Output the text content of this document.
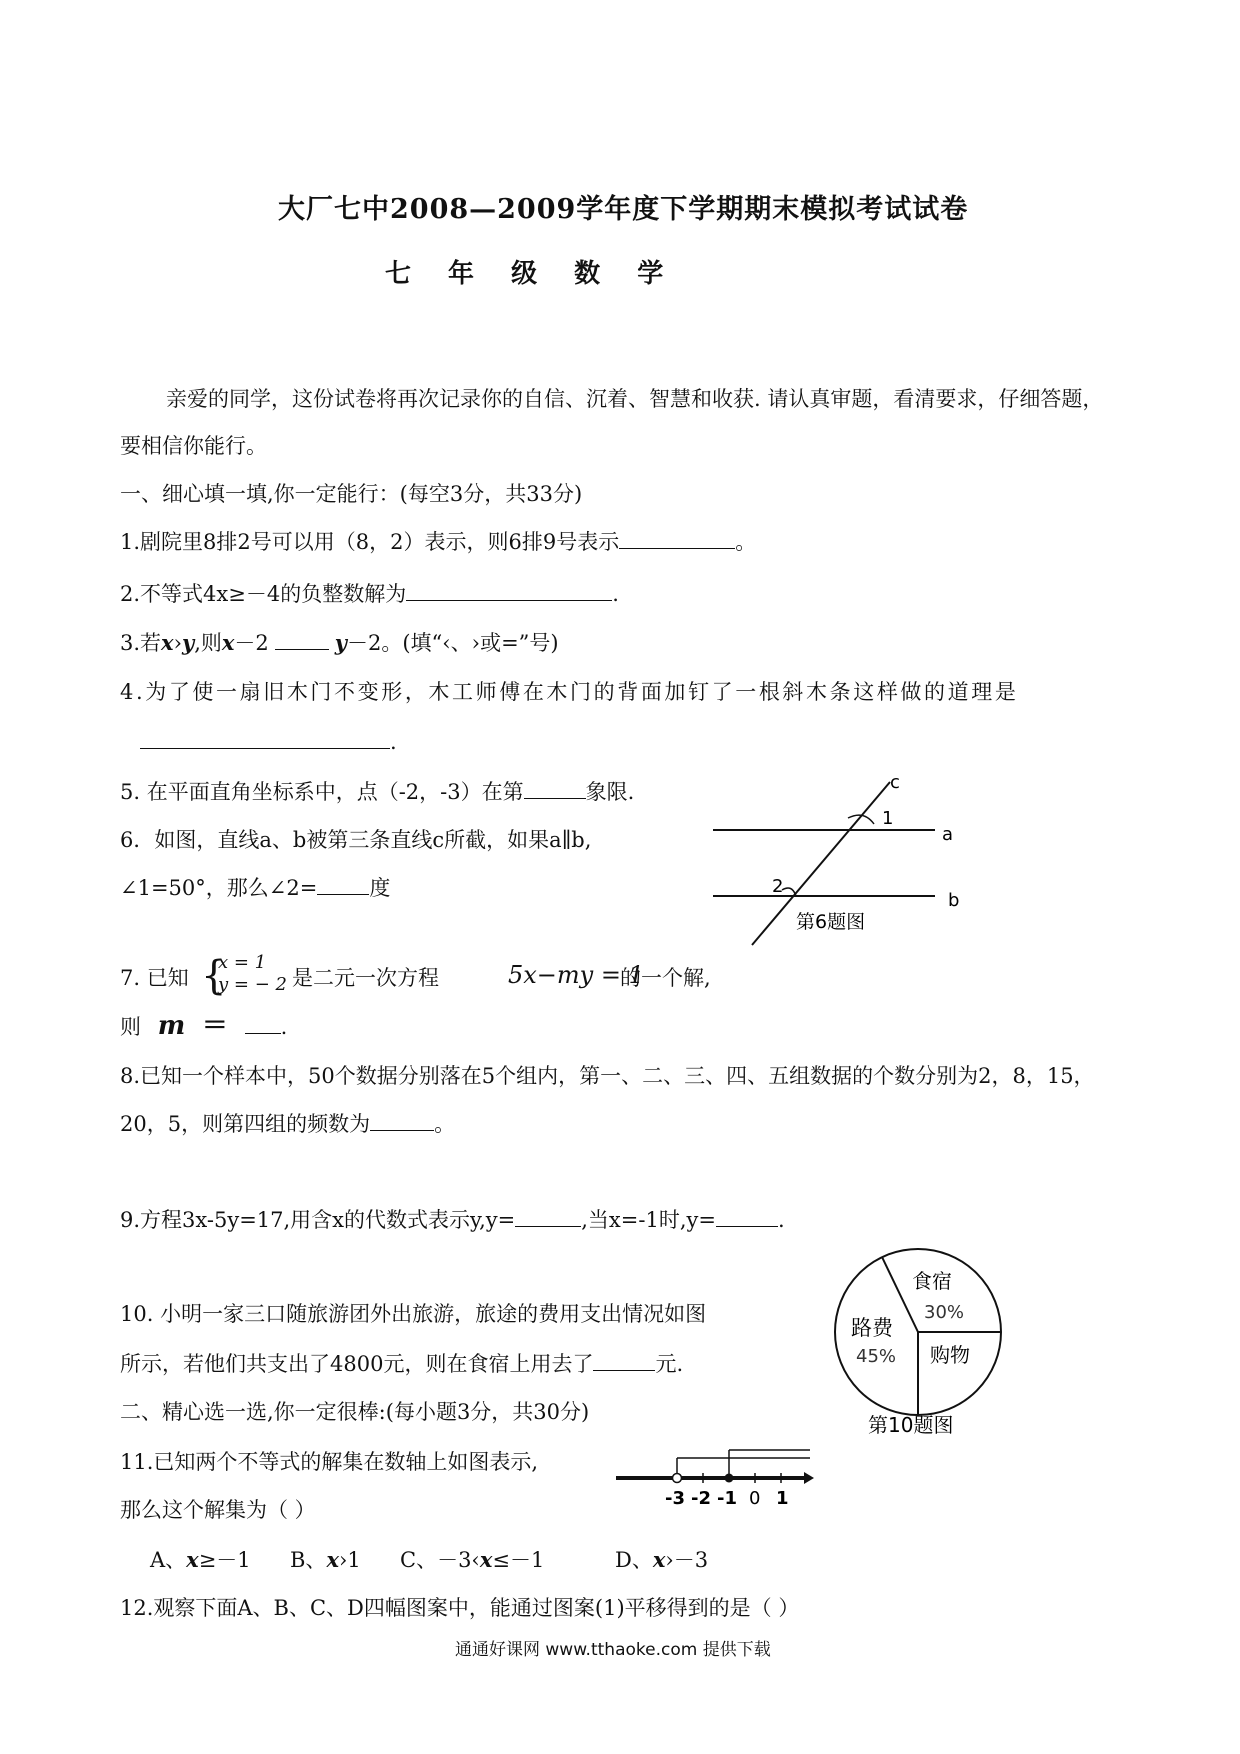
大厂七中2008—2009学年度下学期期末模拟考试试卷
七 年 级 数 学
亲爱的同学，这份试卷将再次记录你的自信、沉着、智慧和收获. 请认真审题，看清要求，仔细答题，
要相信你能行。
一、细心填一填,你一定能行：(每空3分，共33分)
1.剧院里8排2号可以用（8，2）表示，则6排9号表示	。
2.不等式4x≥－4的负整数解为	.
3.若x›y,则x－2	y－2。(填“‹、›或=”号)
4.为了使一扇旧木门不变形，木工师傅在木门的背面加钉了一根斜木条这样做的道理是
.
5. 在平面直角坐标系中，点（-2，-3）在第	象限.
6．如图，直线a、b被第三条直线c所截，如果a∥b,
∠1=50°，那么∠2= 度
c
a
b
1
2
第6题图
7. 已知 {
x = 1
y = − 2 是二元一次方程	5x−my = 1
的一个解,
则 m ＝	.
8.已知一个样本中，50个数据分别落在5个组内，第一、二、三、四、五组数据的个数分别为2，8，15，
20，5，则第四组的频数为	。
9.方程3x-5y=17,用含x的代数式表示y,y=	,当x=-1时,y=	.
10. 小明一家三口随旅游团外出旅游，旅途的费用支出情况如图
所示，若他们共支出了4800元，则在食宿上用去了	元.
食宿
30%
路费
45% 购物
第10题图
二、精心选一选,你一定很棒:(每小题3分，共30分)
11.已知两个不等式的解集在数轴上如图表示,
那么这个解集为（ ）	-3 -2 -1 0 1
A、x≥－1 B、x›1 C、－3‹x≤－1	D、x›－3
12.观察下面A、B、C、D四幅图案中，能通过图案(1)平移得到的是（ ）
通通好课网 www.tthaoke.com 提供下载
